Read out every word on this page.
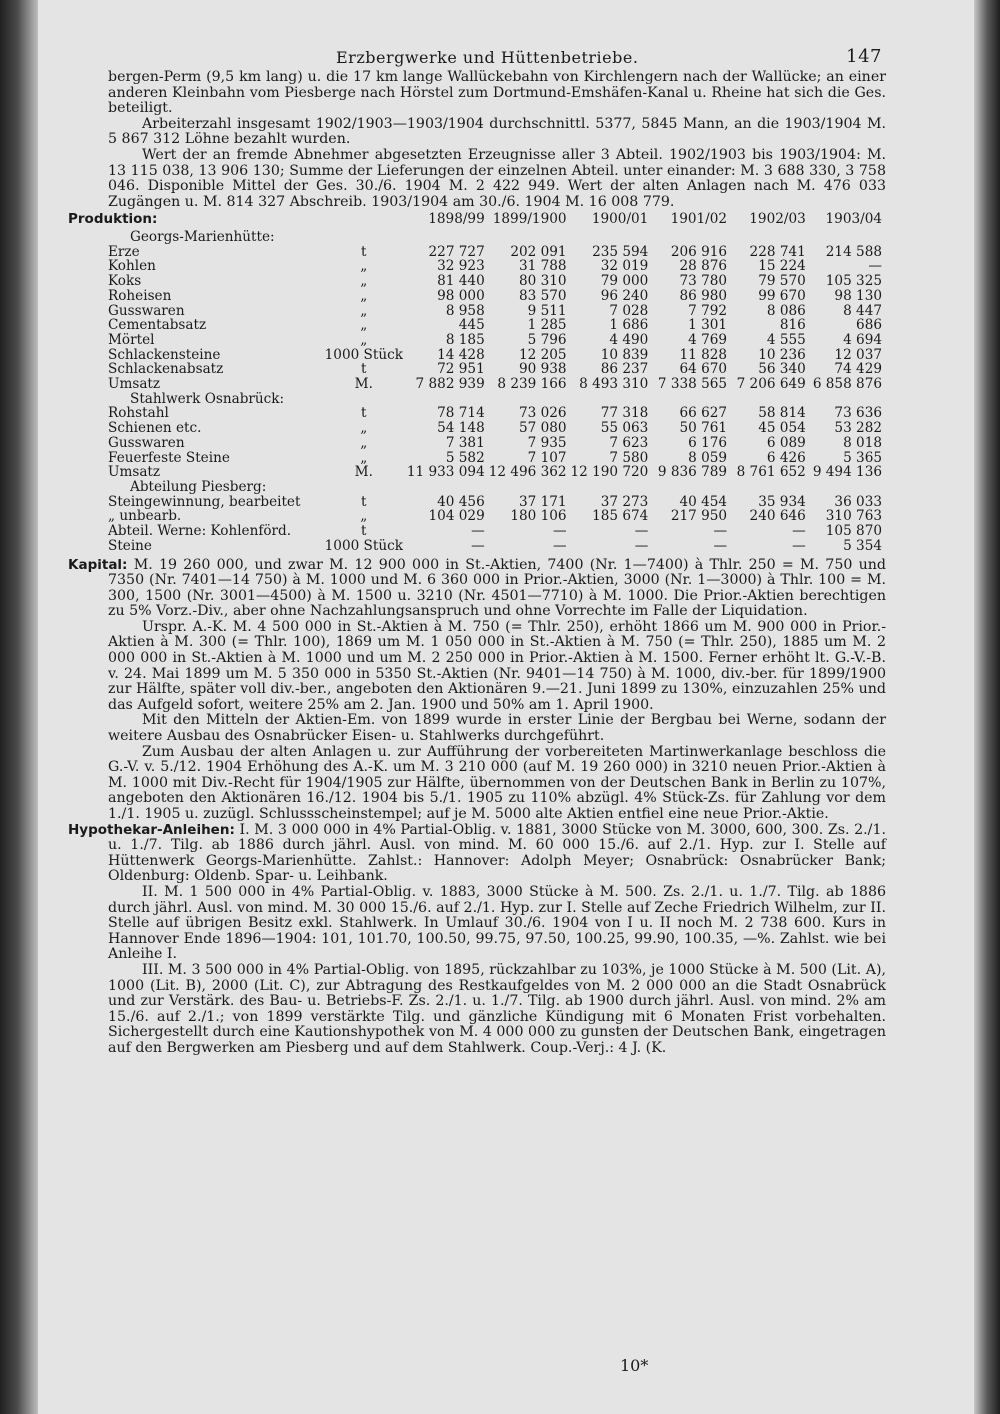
Erzbergwerke und Hüttenbetriebe.	147

bergen-Perm (9,5 km lang) u. die 17 km lange Wallückebahn von Kirchlengern nach der Wallücke; an einer anderen Kleinbahn vom Piesberge nach Hörstel zum Dortmund-Emshäfen-Kanal u. Rheine hat sich die Ges. beteiligt.

Arbeiterzahl insgesamt 1902/1903—1903/1904 durchschnittl. 5377, 5845 Mann, an die 1903/1904 M. 5 867 312 Löhne bezahlt wurden.

Wert der an fremde Abnehmer abgesetzten Erzeugnisse aller 3 Abteil. 1902/1903 bis 1903/1904: M. 13 115 038, 13 906 130; Summe der Lieferungen der einzelnen Abteil. unter einander: M. 3 688 330, 3 758 046. Disponible Mittel der Ges. 30./6. 1904 M. 2 422 949. Wert der alten Anlagen nach M. 476 033 Zugängen u. M. 814 327 Abschreib. 1903/1904 am 30./6. 1904 M. 16 008 779.

Produktion:		1898/99	1899/1900	1900/01	1901/02	1902/03	1903/04
Georgs-Marienhütte:							
Erze	t	227 727	202 091	235 594	206 916	228 741	214 588
Kohlen	„	32 923	31 788	32 019	28 876	15 224	—
Koks	„	81 440	80 310	79 000	73 780	79 570	105 325
Roheisen	„	98 000	83 570	96 240	86 980	99 670	98 130
Gusswaren	„	8 958	9 511	7 028	7 792	8 086	8 447
Cementabsatz	„	445	1 285	1 686	1 301	816	686
Mörtel	„	8 185	5 796	4 490	4 769	4 555	4 694
Schlackensteine	1000 Stück	14 428	12 205	10 839	11 828	10 236	12 037
Schlackenabsatz	t	72 951	90 938	86 237	64 670	56 340	74 429
Umsatz	M.	7 882 939	8 239 166	8 493 310	7 338 565	7 206 649	6 858 876
Stahlwerk Osnabrück:							
Rohstahl	t	78 714	73 026	77 318	66 627	58 814	73 636
Schienen etc.	„	54 148	57 080	55 063	50 761	45 054	53 282
Gusswaren	„	7 381	7 935	7 623	6 176	6 089	8 018
Feuerfeste Steine	„	5 582	7 107	7 580	8 059	6 426	5 365
Umsatz	M.	11 933 094	12 496 362	12 190 720	9 836 789	8 761 652	9 494 136
Abteilung Piesberg:							
Steingewinnung, bearbeitet	t	40 456	37 171	37 273	40 454	35 934	36 033
„ unbearb.	„	104 029	180 106	185 674	217 950	240 646	310 763
Abteil. Werne: Kohlenförd.	t	—	—	—	—	—	105 870
Steine	1000 Stück	—	—	—	—	—	5 354

Kapital: M. 19 260 000, und zwar M. 12 900 000 in St.-Aktien, 7400 (Nr. 1—7400) à Thlr. 250 = M. 750 und 7350 (Nr. 7401—14 750) à M. 1000 und M. 6 360 000 in Prior.-Aktien, 3000 (Nr. 1—3000) à Thlr. 100 = M. 300, 1500 (Nr. 3001—4500) à M. 1500 u. 3210 (Nr. 4501—7710) à M. 1000. Die Prior.-Aktien berechtigen zu 5% Vorz.-Div., aber ohne Nachzahlungsanspruch und ohne Vorrechte im Falle der Liquidation.

Urspr. A.-K. M. 4 500 000 in St.-Aktien à M. 750 (= Thlr. 250), erhöht 1866 um M. 900 000 in Prior.-Aktien à M. 300 (= Thlr. 100), 1869 um M. 1 050 000 in St.-Aktien à M. 750 (= Thlr. 250), 1885 um M. 2 000 000 in St.-Aktien à M. 1000 und um M. 2 250 000 in Prior.-Aktien à M. 1500. Ferner erhöht lt. G.-V.-B. v. 24. Mai 1899 um M. 5 350 000 in 5350 St.-Aktien (Nr. 9401—14 750) à M. 1000, div.-ber. für 1899/1900 zur Hälfte, später voll div.-ber., angeboten den Aktionären 9.—21. Juni 1899 zu 130%, einzuzahlen 25% und das Aufgeld sofort, weitere 25% am 2. Jan. 1900 und 50% am 1. April 1900.

Mit den Mitteln der Aktien-Em. von 1899 wurde in erster Linie der Bergbau bei Werne, sodann der weitere Ausbau des Osnabrücker Eisen- u. Stahlwerks durchgeführt.

Zum Ausbau der alten Anlagen u. zur Aufführung der vorbereiteten Martinwerkanlage beschloss die G.-V. v. 5./12. 1904 Erhöhung des A.-K. um M. 3 210 000 (auf M. 19 260 000) in 3210 neuen Prior.-Aktien à M. 1000 mit Div.-Recht für 1904/1905 zur Hälfte, übernommen von der Deutschen Bank in Berlin zu 107%, angeboten den Aktionären 16./12. 1904 bis 5./1. 1905 zu 110% abzügl. 4% Stück-Zs. für Zahlung vor dem 1./1. 1905 u. zuzügl. Schlussscheinstempel; auf je M. 5000 alte Aktien entfiel eine neue Prior.-Aktie.

Hypothekar-Anleihen: I. M. 3 000 000 in 4% Partial-Oblig. v. 1881, 3000 Stücke von M. 3000, 600, 300. Zs. 2./1. u. 1./7. Tilg. ab 1886 durch jährl. Ausl. von mind. M. 60 000 15./6. auf 2./1. Hyp. zur I. Stelle auf Hüttenwerk Georgs-Marienhütte. Zahlst.: Hannover: Adolph Meyer; Osnabrück: Osnabrücker Bank; Oldenburg: Oldenb. Spar- u. Leihbank.

II. M. 1 500 000 in 4% Partial-Oblig. v. 1883, 3000 Stücke à M. 500. Zs. 2./1. u. 1./7. Tilg. ab 1886 durch jährl. Ausl. von mind. M. 30 000 15./6. auf 2./1. Hyp. zur I. Stelle auf Zeche Friedrich Wilhelm, zur II. Stelle auf übrigen Besitz exkl. Stahlwerk. In Umlauf 30./6. 1904 von I u. II noch M. 2 738 600. Kurs in Hannover Ende 1896—1904: 101, 101.70, 100.50, 99.75, 97.50, 100.25, 99.90, 100.35, —%. Zahlst. wie bei Anleihe I.

III. M. 3 500 000 in 4% Partial-Oblig. von 1895, rückzahlbar zu 103%, je 1000 Stücke à M. 500 (Lit. A), 1000 (Lit. B), 2000 (Lit. C), zur Abtragung des Restkaufgeldes von M. 2 000 000 an die Stadt Osnabrück und zur Verstärk. des Bau- u. Betriebs-F. Zs. 2./1. u. 1./7. Tilg. ab 1900 durch jährl. Ausl. von mind. 2% am 15./6. auf 2./1.; von 1899 verstärkte Tilg. und gänzliche Kündigung mit 6 Monaten Frist vorbehalten. Sichergestellt durch eine Kautionshypothek von M. 4 000 000 zu gunsten der Deutschen Bank, eingetragen auf den Bergwerken am Piesberg und auf dem Stahlwerk. Coup.-Verj.: 4 J. (K.

10*
